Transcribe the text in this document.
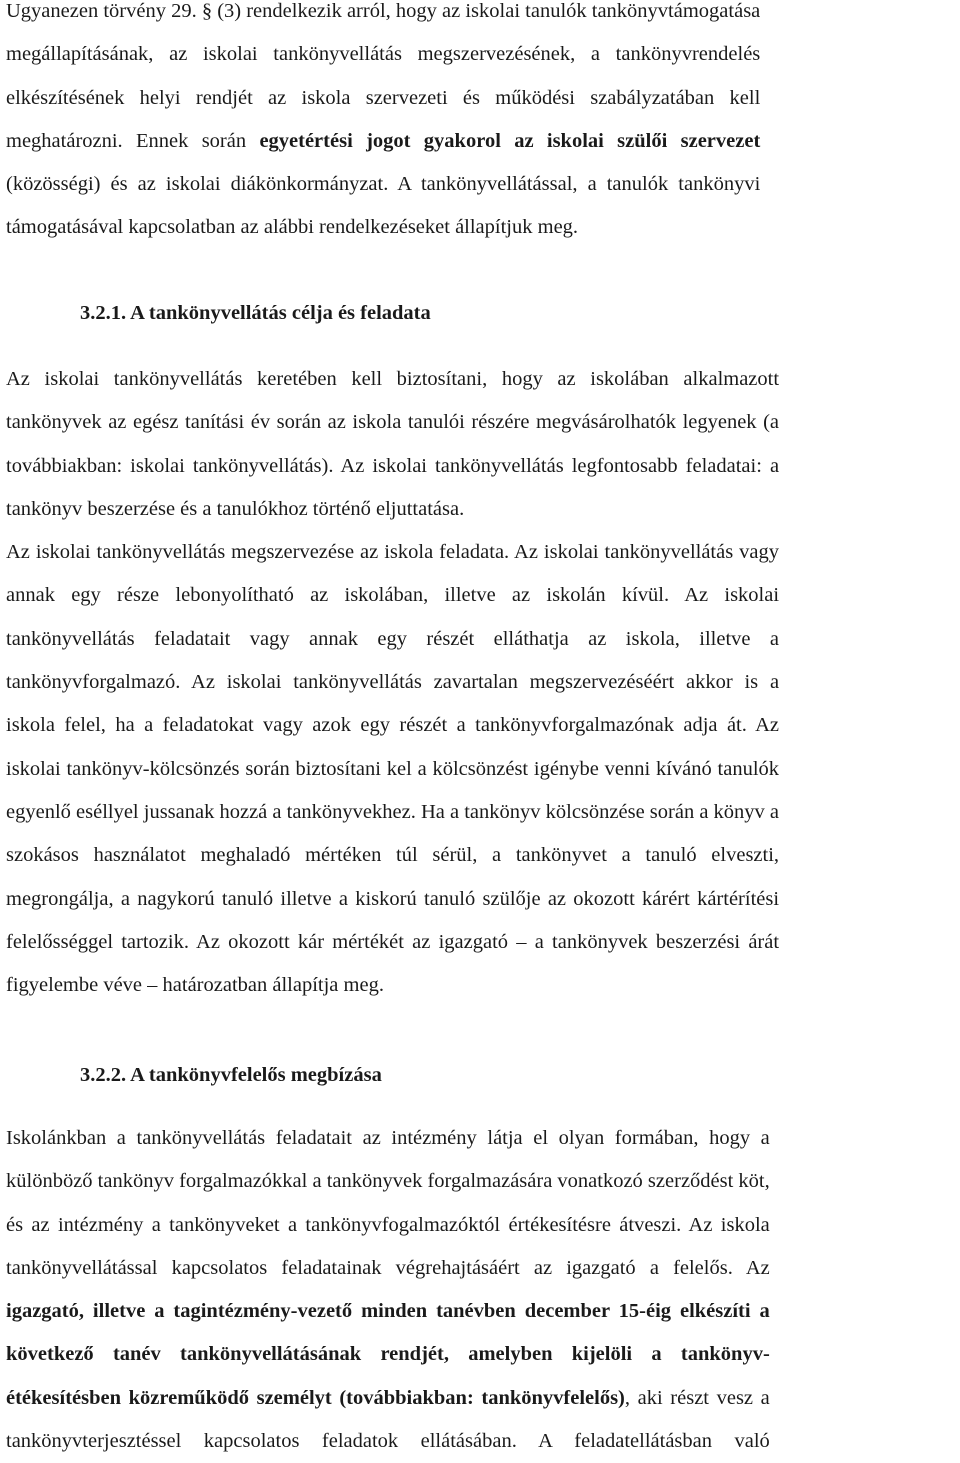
Ugyanezen törvény 29. § (3) rendelkezik arról, hogy az iskolai tanulók tankönyvtámogatása
megállapításának, az iskolai tankönyvellátás megszervezésének, a tankönyvrendelés
elkészítésének helyi rendjét az iskola szervezeti és működési szabályzatában kell
meghatározni. Ennek során egyetértési jogot gyakorol az iskolai szülői szervezet
(közösségi) és az iskolai diákönkormányzat. A tankönyvellátással, a tanulók tankönyvi
támogatásával kapcsolatban az alábbi rendelkezéseket állapítjuk meg.

3.2.1. A tankönyvellátás célja és feladata

Az iskolai tankönyvellátás keretében kell biztosítani, hogy az iskolában alkalmazott
tankönyvek az egész tanítási év során az iskola tanulói részére megvásárolhatók legyenek (a
továbbiakban: iskolai tankönyvellátás). Az iskolai tankönyvellátás legfontosabb feladatai: a
tankönyv beszerzése és a tanulókhoz történő eljuttatása.
Az iskolai tankönyvellátás megszervezése az iskola feladata. Az iskolai tankönyvellátás vagy
annak egy része lebonyolítható az iskolában, illetve az iskolán kívül. Az iskolai
tankönyvellátás feladatait vagy annak egy részét elláthatja az iskola, illetve a
tankönyvforgalmazó. Az iskolai tankönyvellátás zavartalan megszervezéséért akkor is a
iskola felel, ha a feladatokat vagy azok egy részét a tankönyvforgalmazónak adja át. Az
iskolai tankönyv-kölcsönzés során biztosítani kel a kölcsönzést igénybe venni kívánó tanulók
egyenlő eséllyel jussanak hozzá a tankönyvekhez. Ha a tankönyv kölcsönzése során a könyv a
szokásos használatot meghaladó mértéken túl sérül, a tankönyvet a tanuló elveszti,
megrongálja, a nagykorú tanuló illetve a kiskorú tanuló szülője az okozott kárért kártérítési
felelősséggel tartozik. Az okozott kár mértékét az igazgató – a tankönyvek beszerzési árát
figyelembe véve – határozatban állapítja meg.

3.2.2. A tankönyvfelelős megbízása

Iskolánkban a tankönyvellátás feladatait az intézmény látja el olyan formában, hogy a
különböző tankönyv forgalmazókkal a tankönyvek forgalmazására vonatkozó szerződést köt,
és az intézmény a tankönyveket a tankönyvfogalmazóktól értékesítésre átveszi. Az iskola
tankönyvellátással kapcsolatos feladatainak végrehajtásáért az igazgató a felelős. Az
igazgató, illetve a tagintézmény-vezető minden tanévben december 15-éig elkészíti a
következő tanév tankönyvellátásának rendjét, amelyben kijelöli a tankönyv-
étékesítésben közreműködő személyt (továbbiakban: tankönyvfelelős), aki részt vesz a
tankönyvterjesztéssel kapcsolatos feladatok ellátásában. A feladatellátásban való
